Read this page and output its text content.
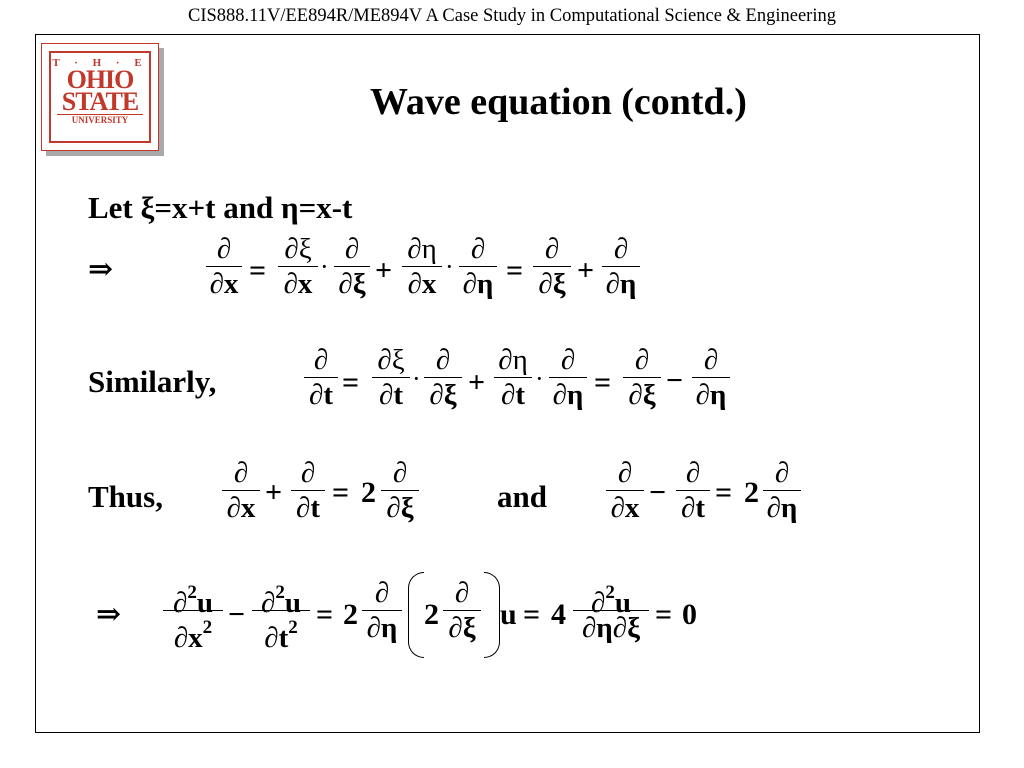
CIS888.11V/EE894R/ME894V A Case Study in Computational Science & Engineering
T · H · E
OHIO
STATE
UNIVERSITY	Wave equation (contd.)
Let ξ=x+t and η=x-t
⇒
∂
∂x =
∂ξ
∂x
·
∂
∂ξ +
∂η
∂x
·
∂
∂η =
∂
∂ξ +
∂
∂η
Similarly,
∂
∂t =
∂ξ
∂t
·
∂
∂ξ +
∂η
∂t
·
∂
∂η =
∂
∂ξ −
∂
∂η
Thus,
∂
∂x +
∂
∂t = 2
∂
∂ξ	and
∂
∂x −
∂
∂t = 2
∂
∂η
⇒	∂$^2$u
$\partial x^2 - \partial^2u$
$\partial t^2 = 2$
∂
∂η 2
∂
∂ξ u = 4 ∂$^2$u
∂η∂ξ = 0
